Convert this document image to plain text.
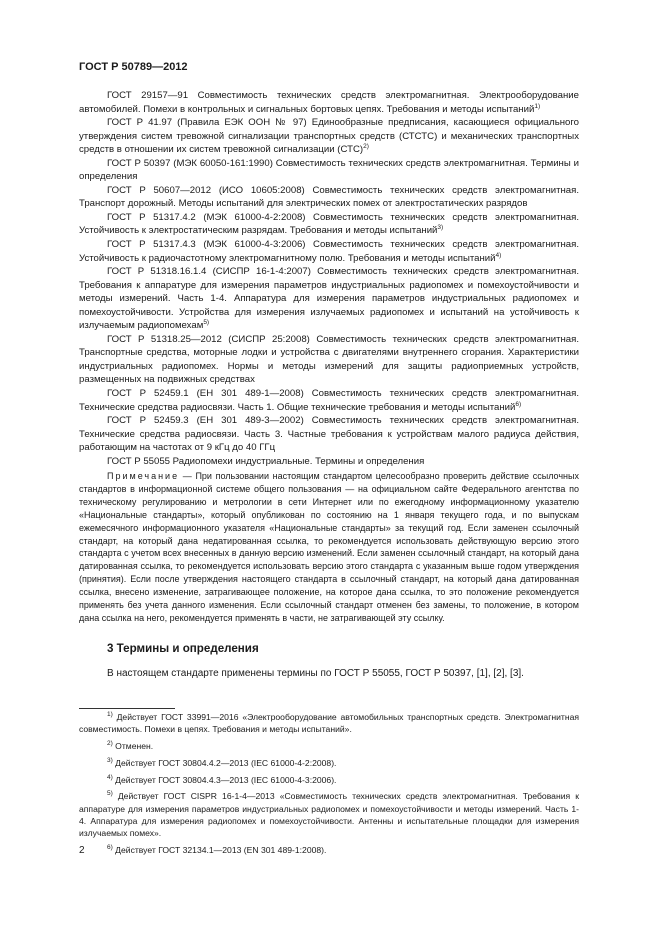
ГОСТ Р 50789—2012

ГОСТ 29157—91 Совместимость технических средств электромагнитная. Электрооборудование автомобилей. Помехи в контрольных и сигнальных бортовых цепях. Требования и методы испытаний$^{1)}$

ГОСТ Р 41.97 (Правила ЕЭК ООН № 97) Единообразные предписания, касающиеся официального утверждения систем тревожной сигнализации транспортных средств (СТСТС) и механических транспортных средств в отношении их систем тревожной сигнализации (СТС)$^{2)}$

ГОСТ Р 50397 (МЭК 60050-161:1990) Совместимость технических средств электромагнитная. Термины и определения

ГОСТ Р 50607—2012 (ИСО 10605:2008) Совместимость технических средств электромагнитная. Транспорт дорожный. Методы испытаний для электрических помех от электростатических разрядов

ГОСТ Р 51317.4.2 (МЭК 61000-4-2:2008) Совместимость технических средств электромагнитная. Устойчивость к электростатическим разрядам. Требования и методы испытаний$^{3)}$

ГОСТ Р 51317.4.3 (МЭК 61000-4-3:2006) Совместимость технических средств электромагнитная. Устойчивость к радиочастотному электромагнитному полю. Требования и методы испытаний$^{4)}$

ГОСТ Р 51318.16.1.4 (СИСПР 16-1-4:2007) Совместимость технических средств электромагнитная. Требования к аппаратуре для измерения параметров индустриальных радиопомех и помехоустойчивости и методы измерений. Часть 1-4. Аппаратура для измерения параметров индустриальных радиопомех и помехоустойчивости. Устройства для измерения излучаемых радиопомех и испытаний на устойчивость к излучаемым радиопомехам$^{5)}$

ГОСТ Р 51318.25—2012 (СИСПР 25:2008) Совместимость технических средств электромагнитная. Транспортные средства, моторные лодки и устройства с двигателями внутреннего сгорания. Характеристики индустриальных радиопомех. Нормы и методы измерений для защиты радиоприемных устройств, размещенных на подвижных средствах

ГОСТ Р 52459.1 (ЕН 301 489-1—2008) Совместимость технических средств электромагнитная. Технические средства радиосвязи. Часть 1. Общие технические требования и методы испытаний$^{6)}$

ГОСТ Р 52459.3 (ЕН 301 489-3—2002) Совместимость технических средств электромагнитная. Технические средства радиосвязи. Часть 3. Частные требования к устройствам малого радиуса действия, работающим на частотах от 9 кГц до 40 ГГц

ГОСТ Р 55055 Радиопомехи индустриальные. Термины и определения

Примечание — При пользовании настоящим стандартом целесообразно проверить действие ссылочных стандартов в информационной системе общего пользования — на официальном сайте Федерального агентства по техническому регулированию и метрологии в сети Интернет или по ежегодному информационному указателю «Национальные стандарты», который опубликован по состоянию на 1 января текущего года, и по выпускам ежемесячного информационного указателя «Национальные стандарты» за текущий год. Если заменен ссылочный стандарт, на который дана недатированная ссылка, то рекомендуется использовать действующую версию этого стандарта с учетом всех внесенных в данную версию изменений. Если заменен ссылочный стандарт, на который дана датированная ссылка, то рекомендуется использовать версию этого стандарта с указанным выше годом утверждения (принятия). Если после утверждения настоящего стандарта в ссылочный стандарт, на который дана датированная ссылка, внесено изменение, затрагивающее положение, на которое дана ссылка, то это положение рекомендуется применять без учета данного изменения. Если ссылочный стандарт отменен без замены, то положение, в котором дана ссылка на него, рекомендуется применять в части, не затрагивающей эту ссылку.
3 Термины и определения
В настоящем стандарте применены термины по ГОСТ Р 55055, ГОСТ Р 50397, [1], [2], [3].

$^{1)}$ Действует ГОСТ 33991—2016 «Электрооборудование автомобильных транспортных средств. Электромагнитная совместимость. Помехи в цепях. Требования и методы испытаний».

$^{2)}$ Отменен.

$^{3)}$ Действует ГОСТ 30804.4.2—2013 (IEC 61000-4-2:2008).

$^{4)}$ Действует ГОСТ 30804.4.3—2013 (IEC 61000-4-3:2006).

$^{5)}$ Действует ГОСТ CISPR 16-1-4—2013 «Совместимость технических средств электромагнитная. Требования к аппаратуре для измерения параметров индустриальных радиопомех и помехоустойчивости и методы измерений. Часть 1-4. Аппаратура для измерения радиопомех и помехоустойчивости. Антенны и испытательные площадки для измерения излучаемых помех».

$^{6)}$ Действует ГОСТ 32134.1—2013 (EN 301 489-1:2008).

2
